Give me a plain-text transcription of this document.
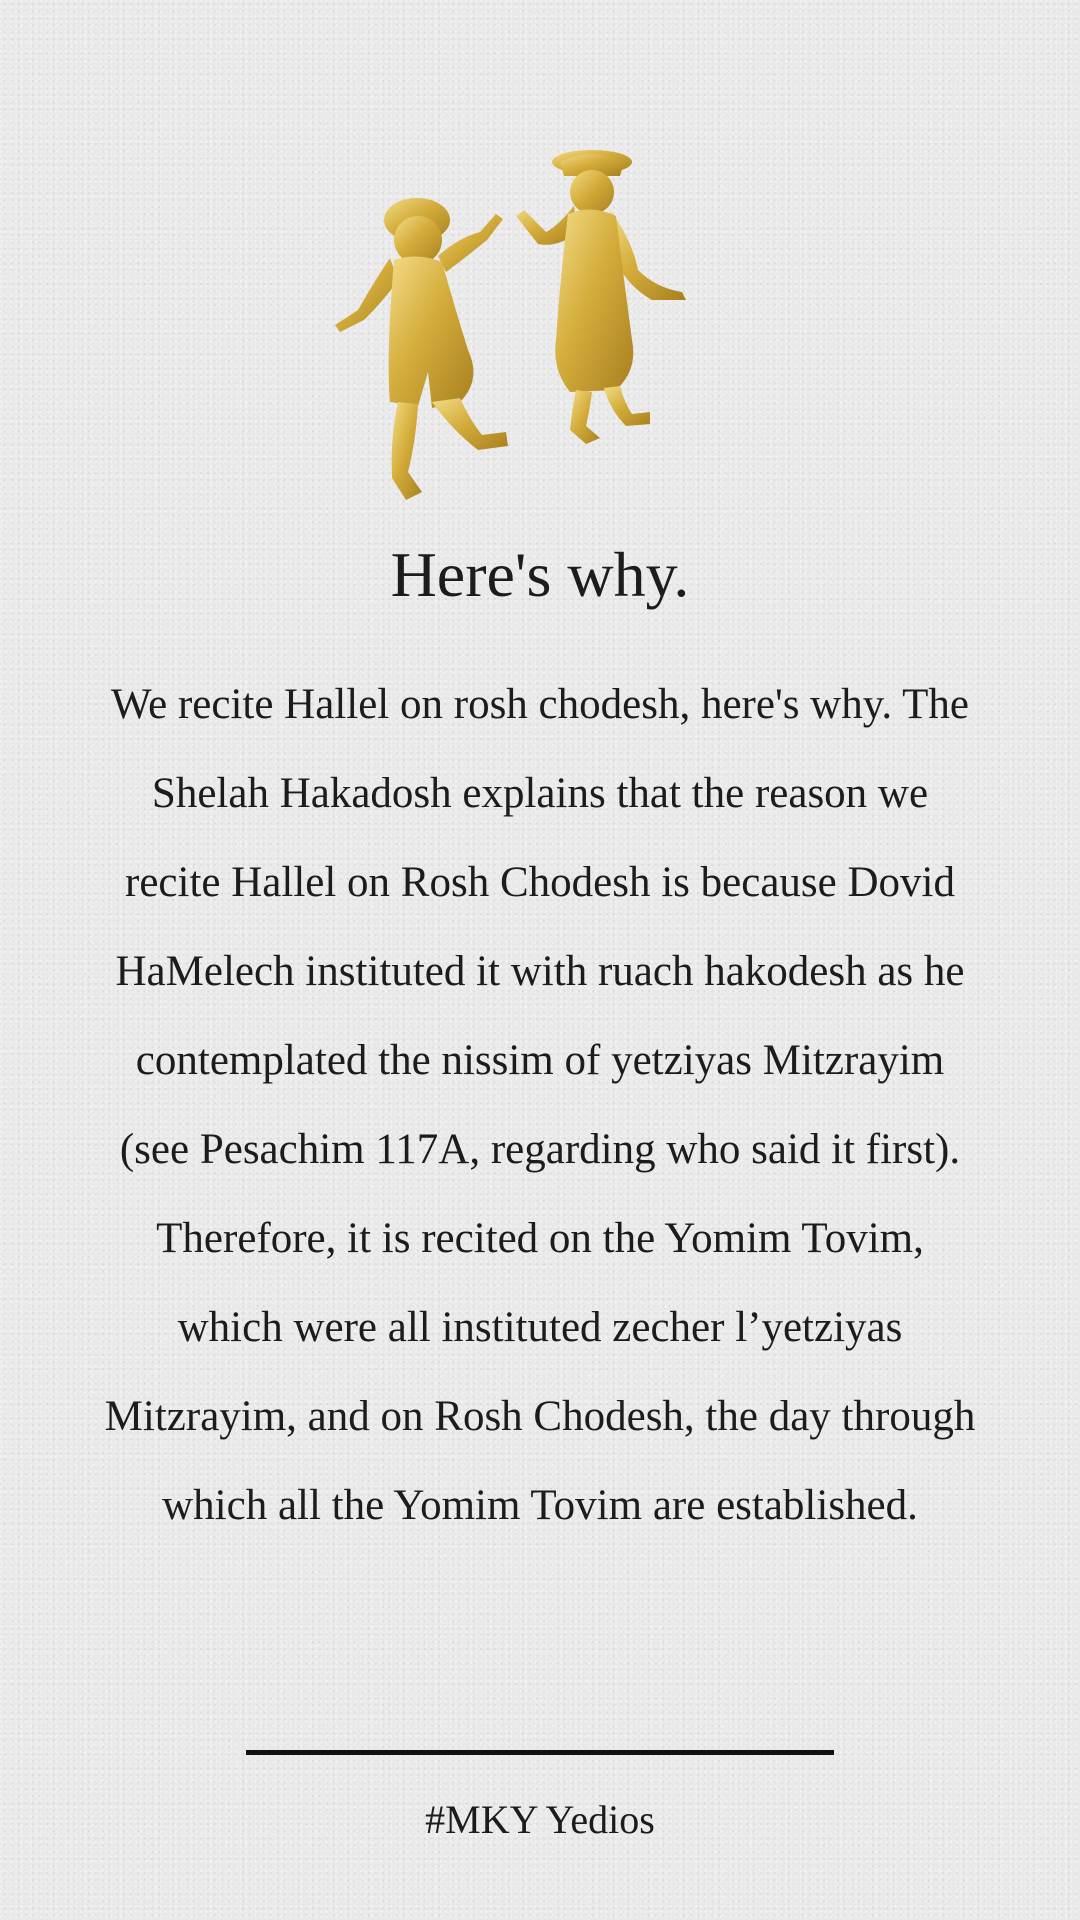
Here's why.

We recite Hallel on rosh chodesh, here's why. The Shelah Hakadosh explains that the reason we recite Hallel on Rosh Chodesh is because Dovid HaMelech instituted it with ruach hakodesh as he contemplated the nissim of yetziyas Mitzrayim (see Pesachim 117A, regarding who said it first). Therefore, it is recited on the Yomim Tovim, which were all instituted zecher l’yetziyas Mitzrayim, and on Rosh Chodesh, the day through which all the Yomim Tovim are established.

#MKY Yedios
